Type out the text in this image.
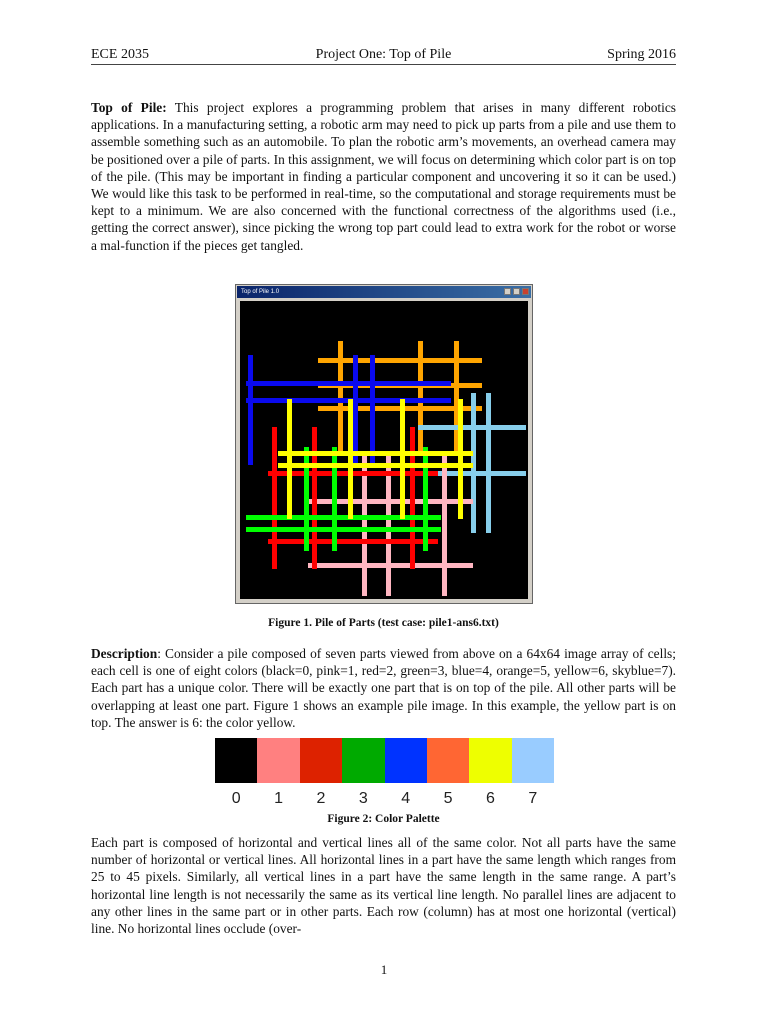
ECE 2035	Project One: Top of Pile	Spring 2016

Top of Pile: This project explores a programming problem that arises in many different robotics applications. In a manufacturing setting, a robotic arm may need to pick up parts from a pile and use them to assemble something such as an automobile. To plan the robotic arm’s movements, an overhead camera may be positioned over a pile of parts. In this assignment, we will focus on determining which color part is on top of the pile. (This may be important in finding a particular component and uncovering it so it can be used.) We would like this task to be performed in real-time, so the computational and storage requirements must be kept to a minimum. We are also concerned with the functional correctness of the algorithms used (i.e., getting the correct answer), since picking the wrong top part could lead to extra work for the robot or worse a mal-function if the pieces get tangled.

Top of Pile 1.0
Figure 1. Pile of Parts (test case: pile1-ans6.txt)

Description: Consider a pile composed of seven parts viewed from above on a 64x64 image array of cells; each cell is one of eight colors (black=0, pink=1, red=2, green=3, blue=4, orange=5, yellow=6, skyblue=7). Each part has a unique color. There will be exactly one part that is on top of the pile. All other parts will be overlapping at least one part. Figure 1 shows an example pile image. In this example, the yellow part is on top. The answer is 6: the color yellow.

0	1	2	3	4	5	6	7
Figure 2: Color Palette

Each part is composed of horizontal and vertical lines all of the same color. Not all parts have the same number of horizontal or vertical lines. All horizontal lines in a part have the same length which ranges from 25 to 45 pixels. Similarly, all vertical lines in a part have the same length in the same range. A part’s horizontal line length is not necessarily the same as its vertical line length. No parallel lines are adjacent to any other lines in the same part or in other parts. Each row (column) has at most one horizontal (vertical) line. No horizontal lines occlude (over-

1
